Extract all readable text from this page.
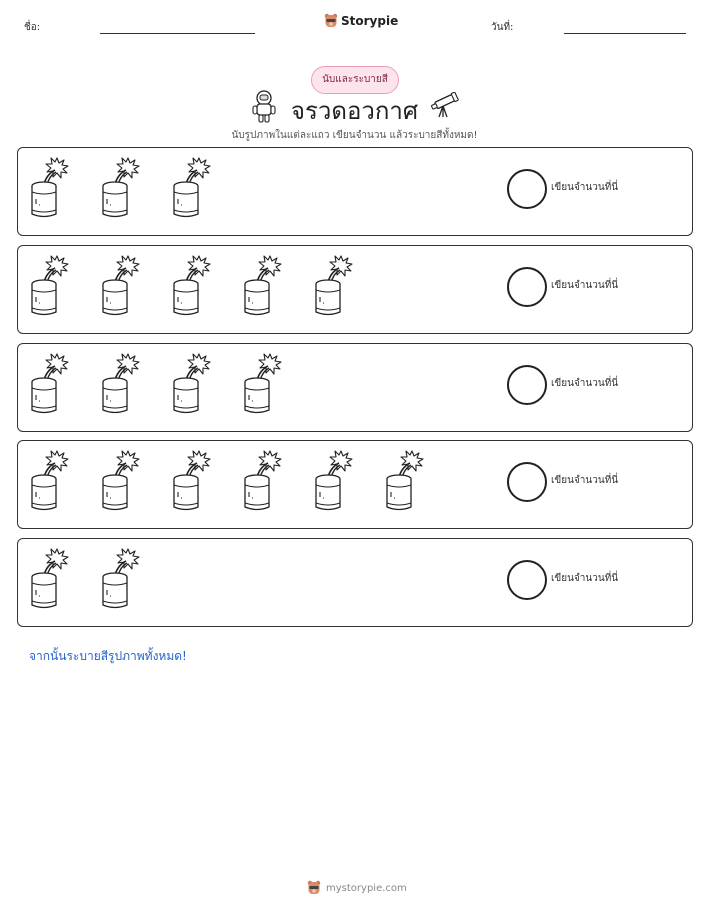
ชื่อ:	วันที่:
Storypie
นับและระบายสี
จรวดอวกาศ
นับรูปภาพในแต่ละแถว เขียนจำนวน แล้วระบายสีทั้งหมด!
เขียนจำนวนที่นี่
เขียนจำนวนที่นี่
เขียนจำนวนที่นี่
เขียนจำนวนที่นี่
เขียนจำนวนที่นี่
จากนั้นระบายสีรูปภาพทั้งหมด!
mystorypie.com
